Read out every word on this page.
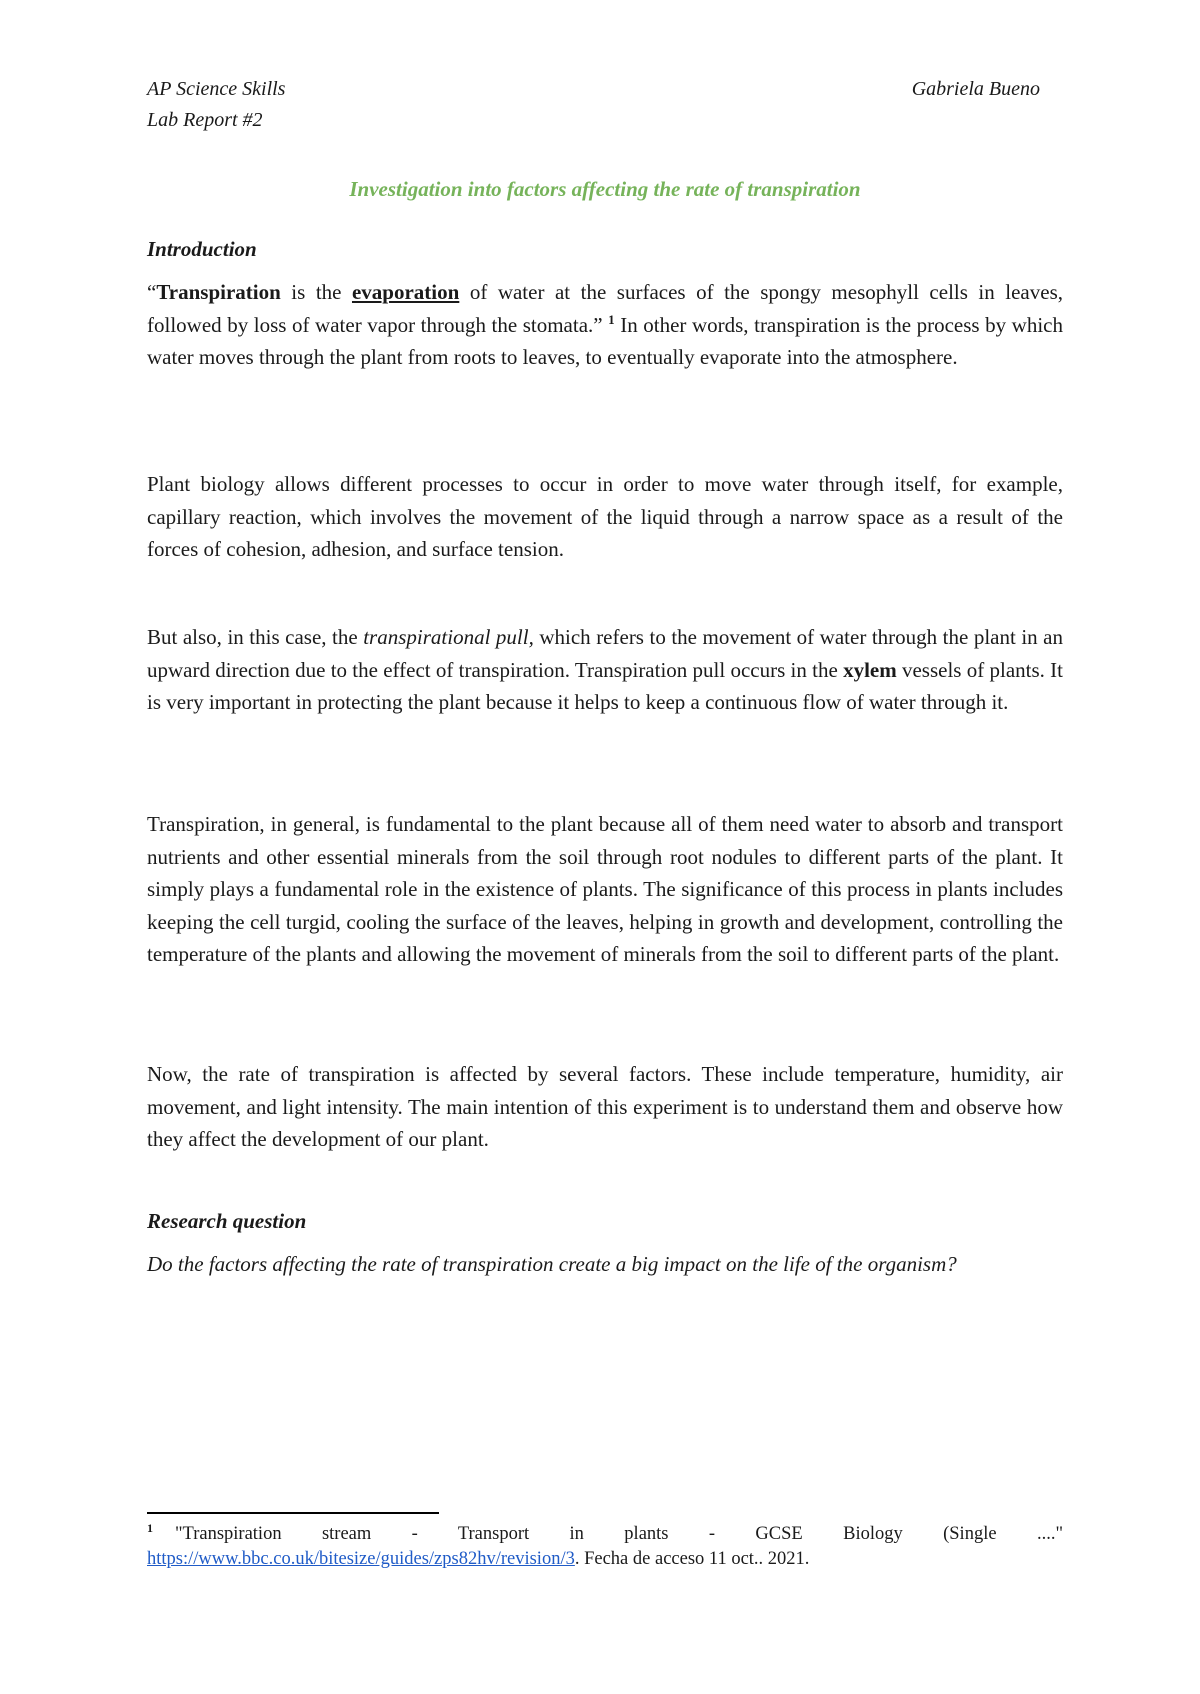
AP Science Skills
Lab Report #2
Gabriela Bueno
Investigation into factors affecting the rate of transpiration
Introduction
“Transpiration is the evaporation of water at the surfaces of the spongy mesophyll cells in leaves, followed by loss of water vapor through the stomata.” $^1$ In other words, transpiration is the process by which water moves through the plant from roots to leaves, to eventually evaporate into the atmosphere.
Plant biology allows different processes to occur in order to move water through itself, for example, capillary reaction, which involves the movement of the liquid through a narrow space as a result of the forces of cohesion, adhesion, and surface tension.
But also, in this case, the transpirational pull, which refers to the movement of water through the plant in an upward direction due to the effect of transpiration. Transpiration pull occurs in the xylem vessels of plants. It is very important in protecting the plant because it helps to keep a continuous flow of water through it.
Transpiration, in general, is fundamental to the plant because all of them need water to absorb and transport nutrients and other essential minerals from the soil through root nodules to different parts of the plant. It simply plays a fundamental role in the existence of plants. The significance of this process in plants includes keeping the cell turgid, cooling the surface of the leaves, helping in growth and development, controlling the temperature of the plants and allowing the movement of minerals from the soil to different parts of the plant.
Now, the rate of transpiration is affected by several factors. These include temperature, humidity, air movement, and light intensity. The main intention of this experiment is to understand them and observe how they affect the development of our plant.
Research question
Do the factors affecting the rate of transpiration create a big impact on the life of the organism?
$^1$ "Transpiration stream - Transport in plants - GCSE Biology (Single ...." https://www.bbc.co.uk/bitesize/guides/zps82hv/revision/3. Fecha de acceso 11 oct.. 2021.
